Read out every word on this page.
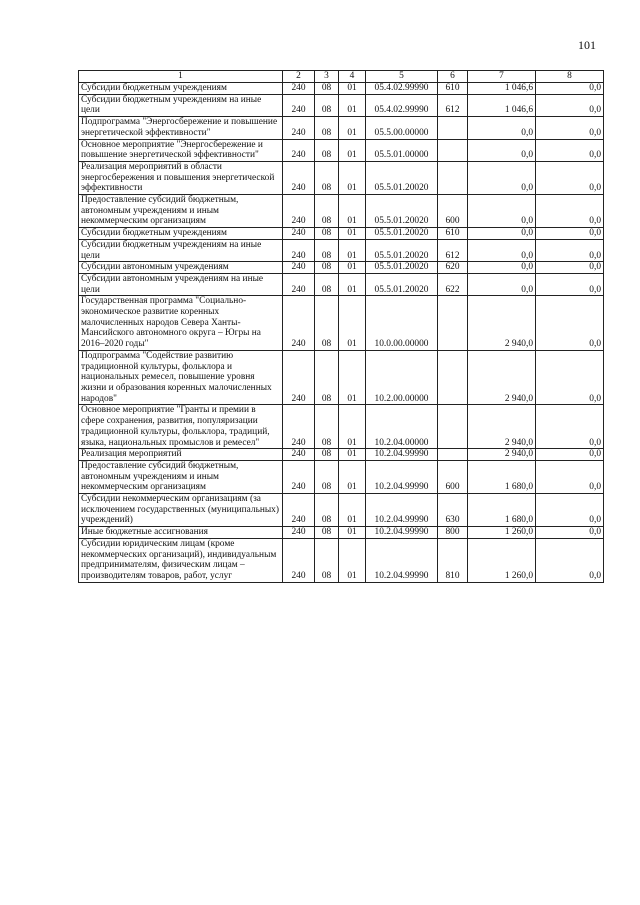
101
1	2	3	4	5	6	7	8
Субсидии бюджетным учреждениям	240	08	01	05.4.02.99990	610	1 046,6	0,0
Субсидии бюджетным учреждениям на иные цели	240	08	01	05.4.02.99990	612	1 046,6	0,0
Подпрограмма "Энергосбережение и повышение энергетической эффективности"	240	08	01	05.5.00.00000		0,0	0,0
Основное мероприятие "Энергосбережение и повышение энергетической эффективности"	240	08	01	05.5.01.00000		0,0	0,0
Реализация мероприятий в области энергосбережения и повышения энергетической эффективности	240	08	01	05.5.01.20020		0,0	0,0
Предоставление субсидий бюджетным, автономным учреждениям и иным некоммерческим организациям	240	08	01	05.5.01.20020	600	0,0	0,0
Субсидии бюджетным учреждениям	240	08	01	05.5.01.20020	610	0,0	0,0
Субсидии бюджетным учреждениям на иные цели	240	08	01	05.5.01.20020	612	0,0	0,0
Субсидии автономным учреждениям	240	08	01	05.5.01.20020	620	0,0	0,0
Субсидии автономным учреждениям на иные цели	240	08	01	05.5.01.20020	622	0,0	0,0
Государственная программа "Социально-экономическое развитие коренных малочисленных народов Севера Ханты-Мансийского автономного округа – Югры на 2016–2020 годы"	240	08	01	10.0.00.00000		2 940,0	0,0
Подпрограмма "Содействие развитию традиционной культуры, фольклора и национальных ремесел, повышение уровня жизни и образования коренных малочисленных народов"	240	08	01	10.2.00.00000		2 940,0	0,0
Основное мероприятие "Гранты и премии в сфере сохранения, развития, популяризации традиционной культуры, фольклора, традиций, языка, национальных промыслов и ремесел"	240	08	01	10.2.04.00000		2 940,0	0,0
Реализация мероприятий	240	08	01	10.2.04.99990		2 940,0	0,0
Предоставление субсидий бюджетным, автономным учреждениям и иным некоммерческим организациям	240	08	01	10.2.04.99990	600	1 680,0	0,0
Субсидии некоммерческим организациям (за исключением государственных (муниципальных) учреждений)	240	08	01	10.2.04.99990	630	1 680,0	0,0
Иные бюджетные ассигнования	240	08	01	10.2.04.99990	800	1 260,0	0,0
Субсидии юридическим лицам (кроме некоммерческих организаций), индивидуальным предпринимателям, физическим лицам – производителям товаров, работ, услуг	240	08	01	10.2.04.99990	810	1 260,0	0,0
